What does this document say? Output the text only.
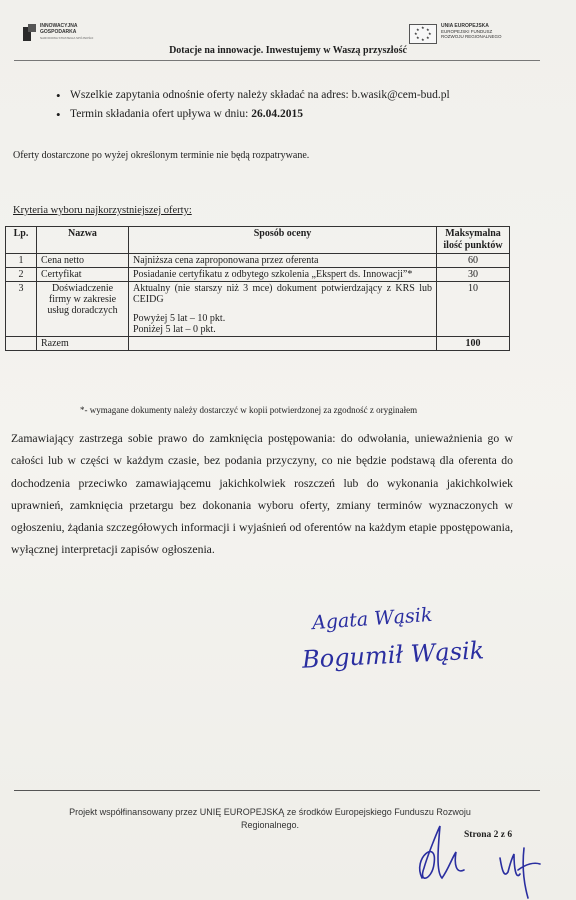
INNOWACYJNA
GOSPODARKA
NARODOWA STRATEGIA SPÓJNOŚCI
★ ★
★
★
★
★
★
★
UNIA EUROPEJSKA
EUROPEJSKI FUNDUSZ
ROZWOJU REGIONALNEGO
Dotacje na innowacje. Inwestujemy w Waszą przyszłość
• Wszelkie zapytania odnośnie oferty należy składać na adres: b.wasik@cem-bud.pl
• Termin składania ofert upływa w dniu: 26.04.2015
Oferty dostarczone po wyżej określonym terminie nie będą rozpatrywane.
Kryteria wyboru najkorzystniejszej oferty:
Lp.	Nazwa	Sposób oceny	Maksymalna ilość punktów
1	Cena netto	Najniższa cena zaproponowana przez oferenta	60
2	Certyfikat	Posiadanie certyfikatu z odbytego szkolenia „Ekspert ds. Innowacji”*	30
3	Doświadczenie firmy w zakresie usług doradczych	Aktualny (nie starszy niż 3 mce) dokument potwierdzający z KRS lub CEIDG
Powyżej 5 lat – 10 pkt.
Poniżej 5 lat – 0 pkt.	10
	Razem		100
*- wymagane dokumenty należy dostarczyć w kopii potwierdzonej za zgodność z oryginałem
Zamawiający zastrzega sobie prawo do zamknięcia postępowania: do odwołania, unieważnienia go w całości lub w części w każdym czasie, bez podania przyczyny, co nie będzie podstawą dla oferenta do dochodzenia przeciwko zamawiającemu jakichkolwiek roszczeń lub do wykonania jakichkolwiek uprawnień, zamknięcia przetargu bez dokonania wyboru oferty, zmiany terminów wyznaczonych w ogłoszeniu, żądania szczegółowych informacji i wyjaśnień od oferentów na każdym etapie ppostępowania, wyłącznej interpretacji zapisów ogłoszenia.
Agata Wąsik
Bogumił Wąsik
Projekt współfinansowany przez UNIĘ EUROPEJSKĄ ze środków Europejskiego Funduszu Rozwoju
Regionalnego.
Strona 2 z 6
